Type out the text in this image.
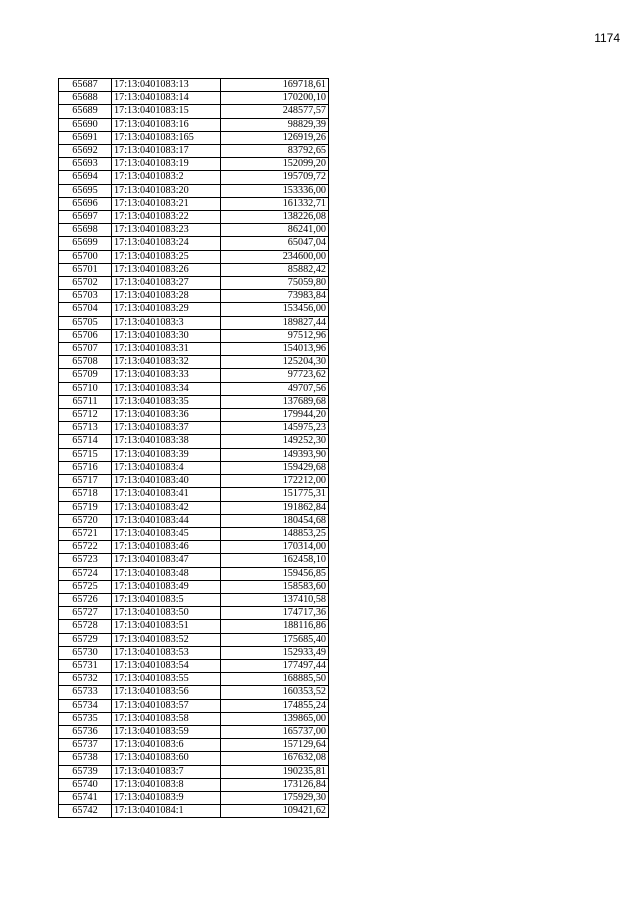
1174
65687	17:13:0401083:13	169718,61
65688	17:13:0401083:14	170200,10
65689	17:13:0401083:15	248577,57
65690	17:13:0401083:16	98829,39
65691	17:13:0401083:165	126919,26
65692	17:13:0401083:17	83792,65
65693	17:13:0401083:19	152099,20
65694	17:13:0401083:2	195709,72
65695	17:13:0401083:20	153336,00
65696	17:13:0401083:21	161332,71
65697	17:13:0401083:22	138226,08
65698	17:13:0401083:23	86241,00
65699	17:13:0401083:24	65047,04
65700	17:13:0401083:25	234600,00
65701	17:13:0401083:26	85882,42
65702	17:13:0401083:27	75059,80
65703	17:13:0401083:28	73983,84
65704	17:13:0401083:29	153456,00
65705	17:13:0401083:3	189827,44
65706	17:13:0401083:30	97512,96
65707	17:13:0401083:31	154013,96
65708	17:13:0401083:32	125204,30
65709	17:13:0401083:33	97723,62
65710	17:13:0401083:34	49707,56
65711	17:13:0401083:35	137689,68
65712	17:13:0401083:36	179944,20
65713	17:13:0401083:37	145975,23
65714	17:13:0401083:38	149252,30
65715	17:13:0401083:39	149393,90
65716	17:13:0401083:4	159429,68
65717	17:13:0401083:40	172212,00
65718	17:13:0401083:41	151775,31
65719	17:13:0401083:42	191862,84
65720	17:13:0401083:44	180454,68
65721	17:13:0401083:45	148853,25
65722	17:13:0401083:46	170314,00
65723	17:13:0401083:47	162458,10
65724	17:13:0401083:48	159456,85
65725	17:13:0401083:49	158583,60
65726	17:13:0401083:5	137410,58
65727	17:13:0401083:50	174717,36
65728	17:13:0401083:51	188116,86
65729	17:13:0401083:52	175685,40
65730	17:13:0401083:53	152933,49
65731	17:13:0401083:54	177497,44
65732	17:13:0401083:55	168885,50
65733	17:13:0401083:56	160353,52
65734	17:13:0401083:57	174855,24
65735	17:13:0401083:58	139865,00
65736	17:13:0401083:59	165737,00
65737	17:13:0401083:6	157129,64
65738	17:13:0401083:60	167632,08
65739	17:13:0401083:7	190235,81
65740	17:13:0401083:8	173126,84
65741	17:13:0401083:9	175929,30
65742	17:13:0401084:1	109421,62
